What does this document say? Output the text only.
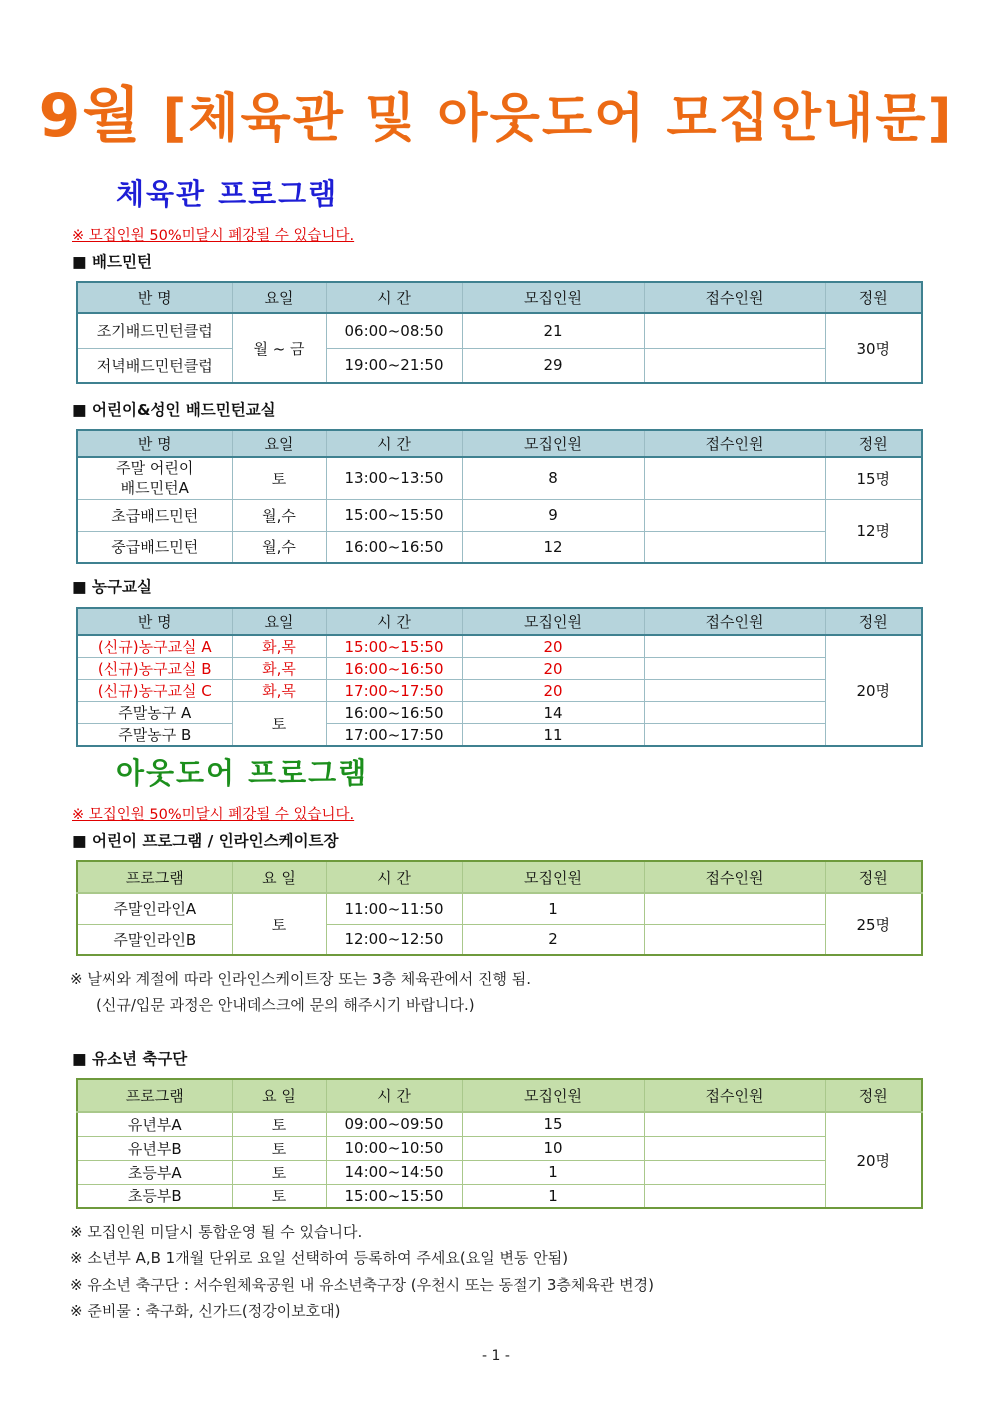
9월 [체육관 및 아웃도어 모집안내문]
체육관 프로그램
※ 모집인원 50%미달시 폐강될 수 있습니다.
■ 배드민턴
반 명	요일	시 간	모집인원	접수인원	정원
조기배드민턴클럽	월 ~ 금	06:00~08:50	21		30명
저녁배드민턴클럽		19:00~21:50	29		
■ 어린이&성인 배드민턴교실
반 명	요일	시 간	모집인원	접수인원	정원

주말 어린이
배드민턴A	토	13:00~13:50	8		15명
초급배드민턴	월,수	15:00~15:50	9		12명
중급배드민턴	월,수	16:00~16:50	12		
■ 농구교실
반 명	요일	시 간	모집인원	접수인원	정원
(신규)농구교실 A	화,목	15:00~15:50	20		20명
(신규)농구교실 B	화,목	16:00~16:50	20		
(신규)농구교실 C	화,목	17:00~17:50	20		
주말농구 A	토	16:00~16:50	14		
주말농구 B		17:00~17:50	11		
아웃도어 프로그램
※ 모집인원 50%미달시 폐강될 수 있습니다.
■ 어린이 프로그램 / 인라인스케이트장
프로그램	요 일	시 간	모집인원	접수인원	정원
주말인라인A	토	11:00~11:50	1		25명
주말인라인B		12:00~12:50	2		
※ 날씨와 계절에 따라 인라인스케이트장 또는 3층 체육관에서 진행 됨.
(신규/입문 과정은 안내데스크에 문의 해주시기 바랍니다.)
■ 유소년 축구단
프로그램	요 일	시 간	모집인원	접수인원	정원
유년부A	토	09:00~09:50	15		20명
유년부B	토	10:00~10:50	10		
초등부A	토	14:00~14:50	1		
초등부B	토	15:00~15:50	1		
※ 모집인원 미달시 통합운영 될 수 있습니다.
※ 소년부 A,B 1개월 단위로 요일 선택하여 등록하여 주세요(요일 변동 안됨)
※ 유소년 축구단 : 서수원체육공원 내 유소년축구장 (우천시 또는 동절기 3층체육관 변경)
※ 준비물 : 축구화, 신가드(정강이보호대)
- 1 -
